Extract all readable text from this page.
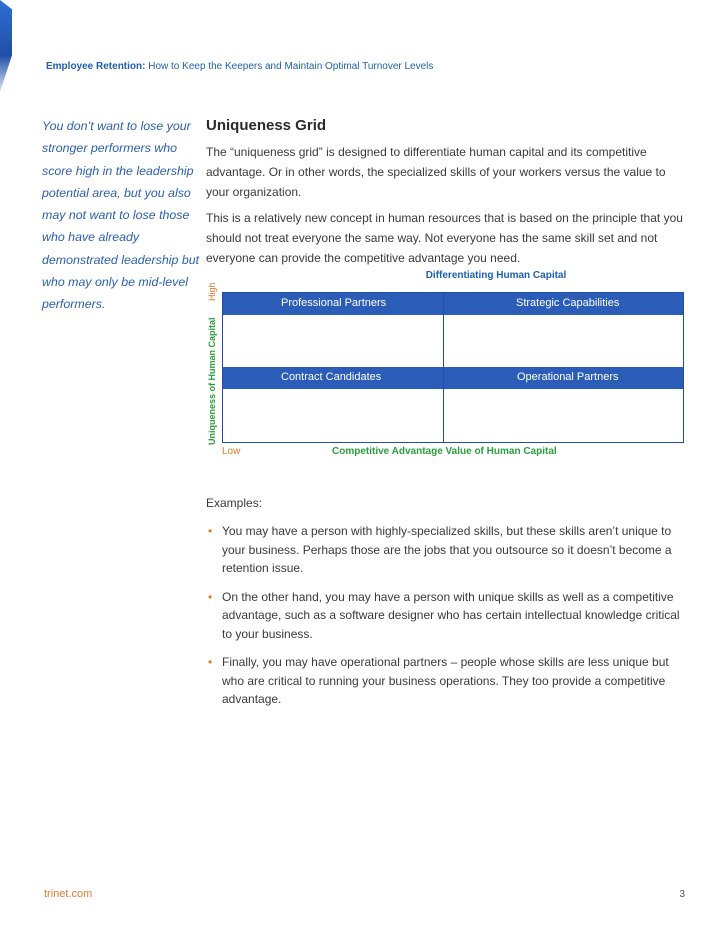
Employee Retention: How to Keep the Keepers and Maintain Optimal Turnover Levels
You don’t want to lose your stronger performers who score high in the leadership potential area, but you also may not want to lose those who have already demonstrated leadership but who may only be mid-level performers.
Uniqueness Grid

The “uniqueness grid” is designed to differentiate human capital and its competitive advantage. Or in other words, the specialized skills of your workers versus the value to your organization.

This is a relatively new concept in human resources that is based on the principle that you should not treat everyone the same way. Not everyone has the same skill set and not everyone can provide the competitive advantage you need.

Differentiating Human Capital
Uniqueness of Human Capital High
Professional Partners	Strategic Capabilities
Contract Candidates	Operational Partners
Low	Competitive Advantage Value of Human Capital

Examples:

• You may have a person with highly-specialized skills, but these skills aren’t unique to your business. Perhaps those are the jobs that you outsource so it doesn’t become a retention issue.
• On the other hand, you may have a person with unique skills as well as a competitive advantage, such as a software designer who has certain intellectual knowledge critical to your business.
• Finally, you may have operational partners – people whose skills are less unique but who are critical to running your business operations. They too provide a competitive advantage.
trinet.com	3
